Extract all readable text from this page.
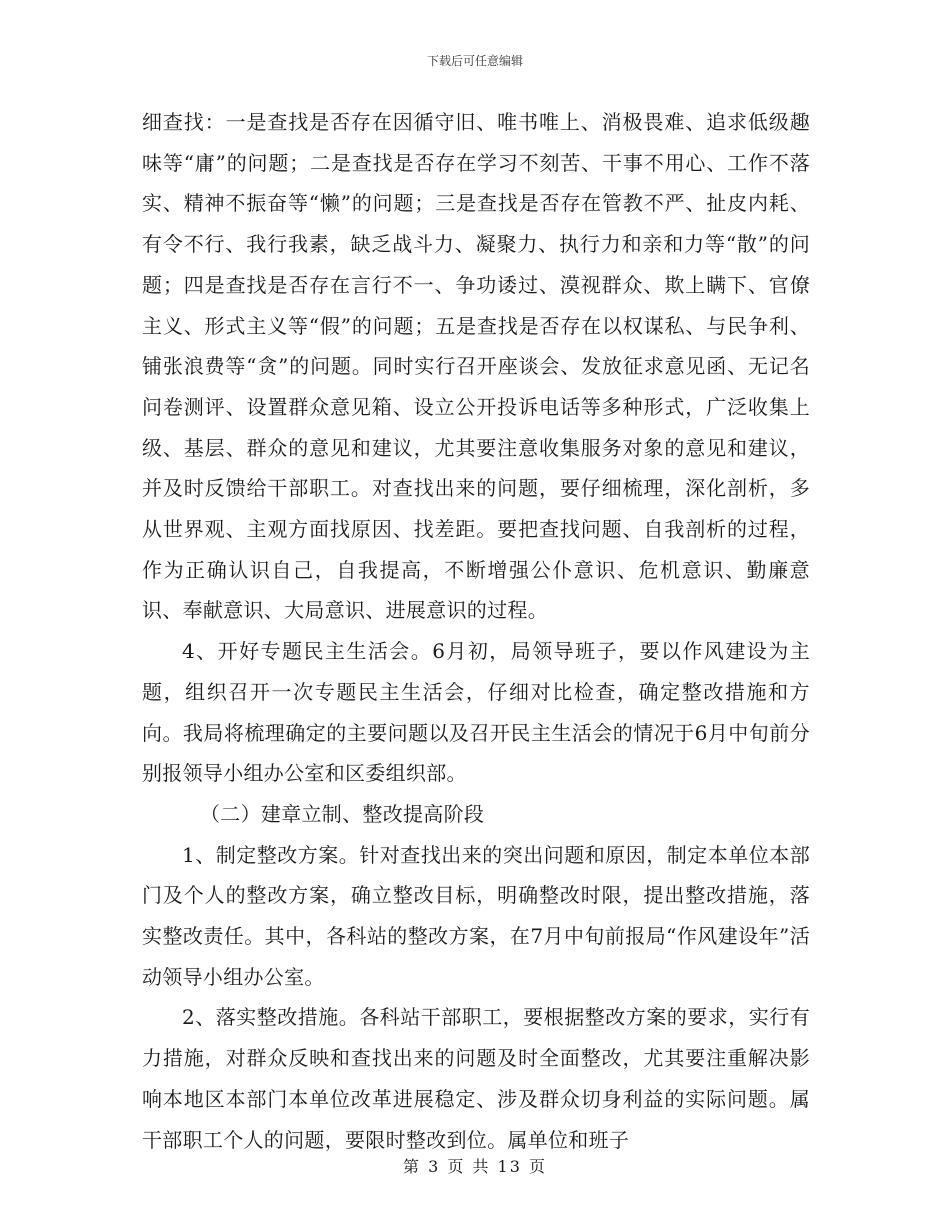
下载后可任意编辑

细查找：一是查找是否存在因循守旧、唯书唯上、消极畏难、追求低级趣味等“庸”的问题；二是查找是否存在学习不刻苦、干事不用心、工作不落实、精神不振奋等“懒”的问题；三是查找是否存在管教不严、扯皮内耗、有令不行、我行我素，缺乏战斗力、凝聚力、执行力和亲和力等“散”的问题；四是查找是否存在言行不一、争功诿过、漠视群众、欺上瞒下、官僚主义、形式主义等“假”的问题；五是查找是否存在以权谋私、与民争利、铺张浪费等“贪”的问题。同时实行召开座谈会、发放征求意见函、无记名问卷测评、设置群众意见箱、设立公开投诉电话等多种形式，广泛收集上级、基层、群众的意见和建议，尤其要注意收集服务对象的意见和建议，并及时反馈给干部职工。对查找出来的问题，要仔细梳理，深化剖析，多从世界观、主观方面找原因、找差距。要把查找问题、自我剖析的过程，作为正确认识自己，自我提高，不断增强公仆意识、危机意识、勤廉意识、奉献意识、大局意识、进展意识的过程。

4、开好专题民主生活会。6月初，局领导班子，要以作风建设为主题，组织召开一次专题民主生活会，仔细对比检查，确定整改措施和方向。我局将梳理确定的主要问题以及召开民主生活会的情况于6月中旬前分别报领导小组办公室和区委组织部。

（二）建章立制、整改提高阶段

1、制定整改方案。针对查找出来的突出问题和原因，制定本单位本部门及个人的整改方案，确立整改目标，明确整改时限，提出整改措施，落实整改责任。其中，各科站的整改方案，在7月中旬前报局“作风建设年”活动领导小组办公室。

2、落实整改措施。各科站干部职工，要根据整改方案的要求，实行有力措施，对群众反映和查找出来的问题及时全面整改，尤其要注重解决影响本地区本部门本单位改革进展稳定、涉及群众切身利益的实际问题。属干部职工个人的问题，要限时整改到位。属单位和班子

第 3 页 共 13 页
